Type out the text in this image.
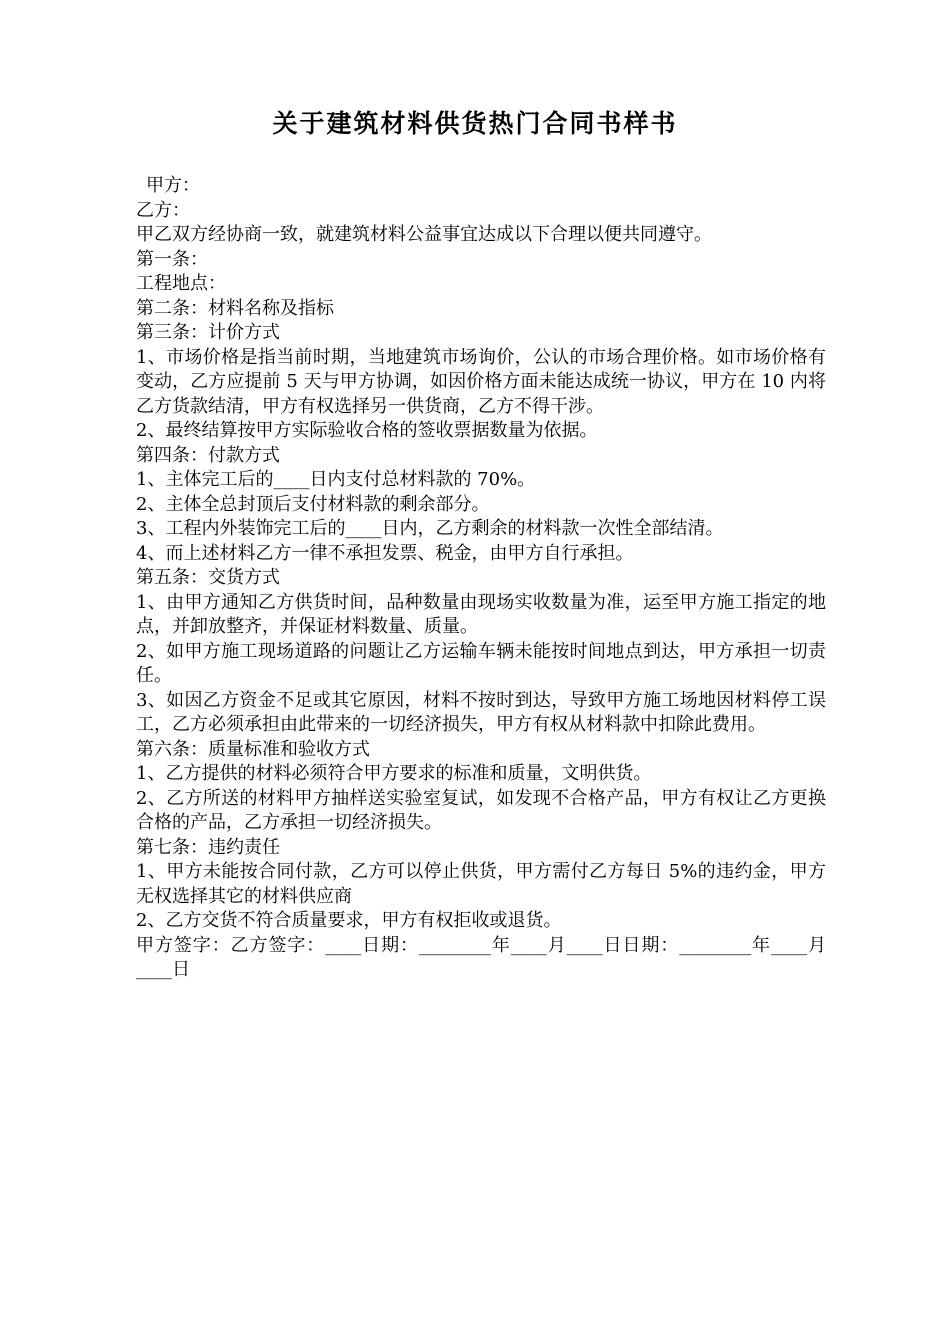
关于建筑材料供货热门合同书样书

甲方：

乙方：

甲乙双方经协商一致，就建筑材料公益事宜达成以下合理以便共同遵守。

第一条：

工程地点：

第二条：材料名称及指标

第三条：计价方式

1、市场价格是指当前时期，当地建筑市场询价，公认的市场合理价格。如市场价格有变动，乙方应提前 5 天与甲方协调，如因价格方面未能达成统一协议，甲方在 10 内将乙方货款结清，甲方有权选择另一供货商，乙方不得干涉。

2、最终结算按甲方实际验收合格的签收票据数量为依据。

第四条：付款方式

1、主体完工后的____日内支付总材料款的 70%。

2、主体全总封顶后支付材料款的剩余部分。

3、工程内外装饰完工后的____日内，乙方剩余的材料款一次性全部结清。

4、而上述材料乙方一律不承担发票、税金，由甲方自行承担。

第五条：交货方式

1、由甲方通知乙方供货时间，品种数量由现场实收数量为准，运至甲方施工指定的地点，并卸放整齐，并保证材料数量、质量。

2、如甲方施工现场道路的问题让乙方运输车辆未能按时间地点到达，甲方承担一切责任。

3、如因乙方资金不足或其它原因，材料不按时到达，导致甲方施工场地因材料停工误工，乙方必须承担由此带来的一切经济损失，甲方有权从材料款中扣除此费用。

第六条：质量标准和验收方式

1、乙方提供的材料必须符合甲方要求的标准和质量，文明供货。

2、乙方所送的材料甲方抽样送实验室复试，如发现不合格产品，甲方有权让乙方更换合格的产品，乙方承担一切经济损失。

第七条：违约责任

1、甲方未能按合同付款，乙方可以停止供货，甲方需付乙方每日 5%的违约金，甲方无权选择其它的材料供应商

2、乙方交货不符合质量要求，甲方有权拒收或退货。

甲方签字：乙方签字：____日期：________年____月____日日期：________年____月____日
